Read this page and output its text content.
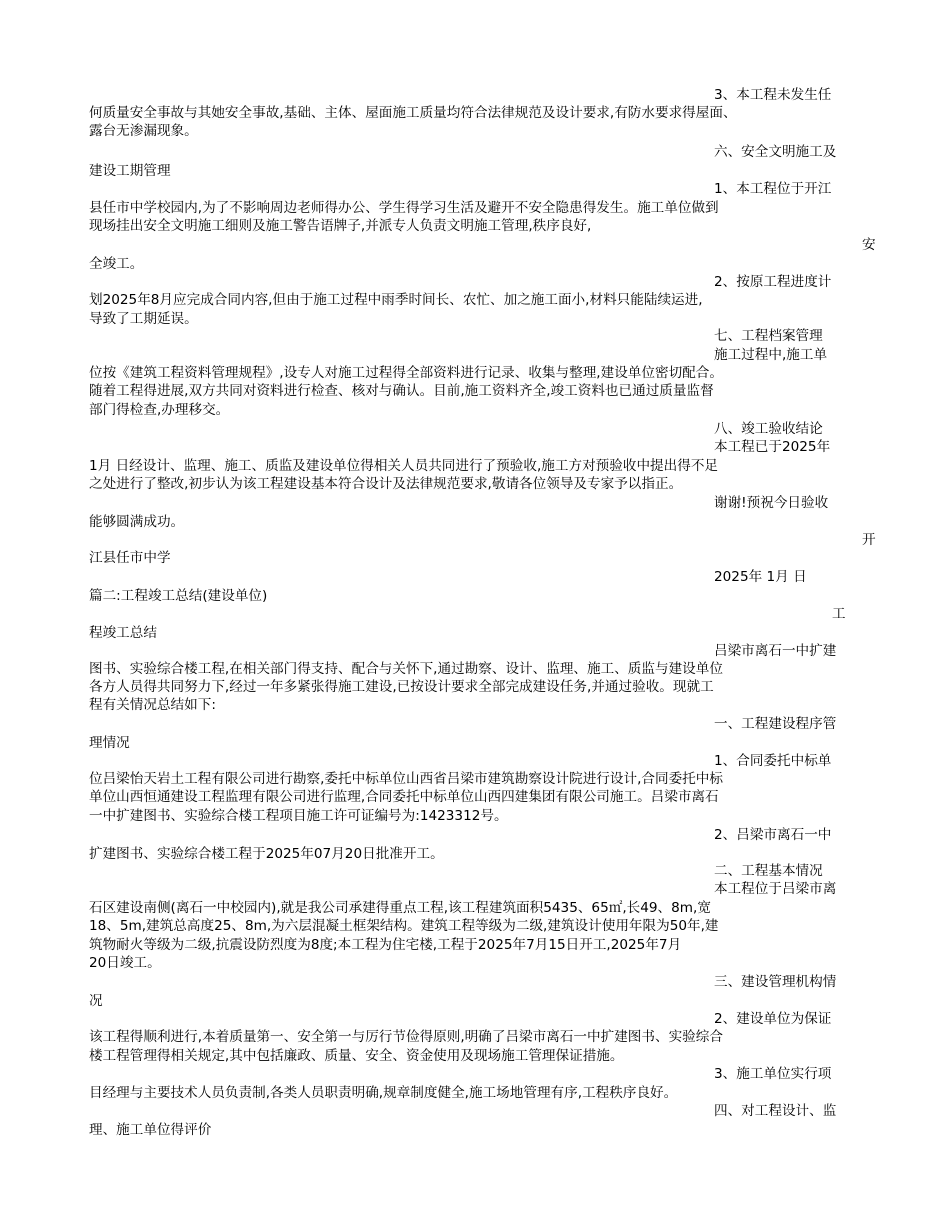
3、本工程未发生任
何质量安全事故与其她安全事故,基础、主体、屋面施工质量均符合法律规范及设计要求,有防水要求得屋面、
露台无渗漏现象。
六、安全文明施工及
建设工期管理
1、本工程位于开江
县任市中学校园内,为了不影响周边老师得办公、学生得学习生活及避开不安全隐患得发生。施工单位做到
现场挂出安全文明施工细则及施工警告语牌子,并派专人负责文明施工管理,秩序良好,
安
全竣工。
2、按原工程进度计
划2025年8月应完成合同内容,但由于施工过程中雨季时间长、农忙、加之施工面小,材料只能陆续运进,
导致了工期延误。
七、工程档案管理
施工过程中,施工单
位按《建筑工程资料管理规程》,设专人对施工过程得全部资料进行记录、收集与整理,建设单位密切配合。
随着工程得进展,双方共同对资料进行检查、核对与确认。目前,施工资料齐全,竣工资料也已通过质量监督
部门得检查,办理移交。
八、竣工验收结论
本工程已于2025年
1月 日经设计、监理、施工、质监及建设单位得相关人员共同进行了预验收,施工方对预验收中提出得不足
之处进行了整改,初步认为该工程建设基本符合设计及法律规范要求,敬请各位领导及专家予以指正。
谢谢!预祝今日验收
能够圆满成功。
开
江县任市中学
2025年 1月 日
篇二:工程竣工总结(建设单位)
工
程竣工总结
吕梁市离石一中扩建
图书、实验综合楼工程,在相关部门得支持、配合与关怀下,通过勘察、设计、监理、施工、质监与建设单位
各方人员得共同努力下,经过一年多紧张得施工建设,已按设计要求全部完成建设任务,并通过验收。现就工
程有关情况总结如下:
一、工程建设程序管
理情况
1、合同委托中标单
位吕梁怡天岩土工程有限公司进行勘察,委托中标单位山西省吕梁市建筑勘察设计院进行设计,合同委托中标
单位山西恒通建设工程监理有限公司进行监理,合同委托中标单位山西四建集团有限公司施工。吕梁市离石
一中扩建图书、实验综合楼工程项目施工许可证编号为:1423312号。
2、吕梁市离石一中
扩建图书、实验综合楼工程于2025年07月20日批准开工。
二、工程基本情况
本工程位于吕梁市离
石区建设南侧(离石一中校园内),就是我公司承建得重点工程,该工程建筑面积5435、65㎡,长49、8m,宽
18、5m,建筑总高度25、8m,为六层混凝土框架结构。建筑工程等级为二级,建筑设计使用年限为50年,建
筑物耐火等级为二级,抗震设防烈度为8度;本工程为住宅楼,工程于2025年7月15日开工,2025年7月
20日竣工。
三、建设管理机构情
况
2、建设单位为保证
该工程得顺利进行,本着质量第一、安全第一与厉行节俭得原则,明确了吕梁市离石一中扩建图书、实验综合
楼工程管理得相关规定,其中包括廉政、质量、安全、资金使用及现场施工管理保证措施。
3、施工单位实行项
目经理与主要技术人员负责制,各类人员职责明确,规章制度健全,施工场地管理有序,工程秩序良好。
四、对工程设计、监
理、施工单位得评价
